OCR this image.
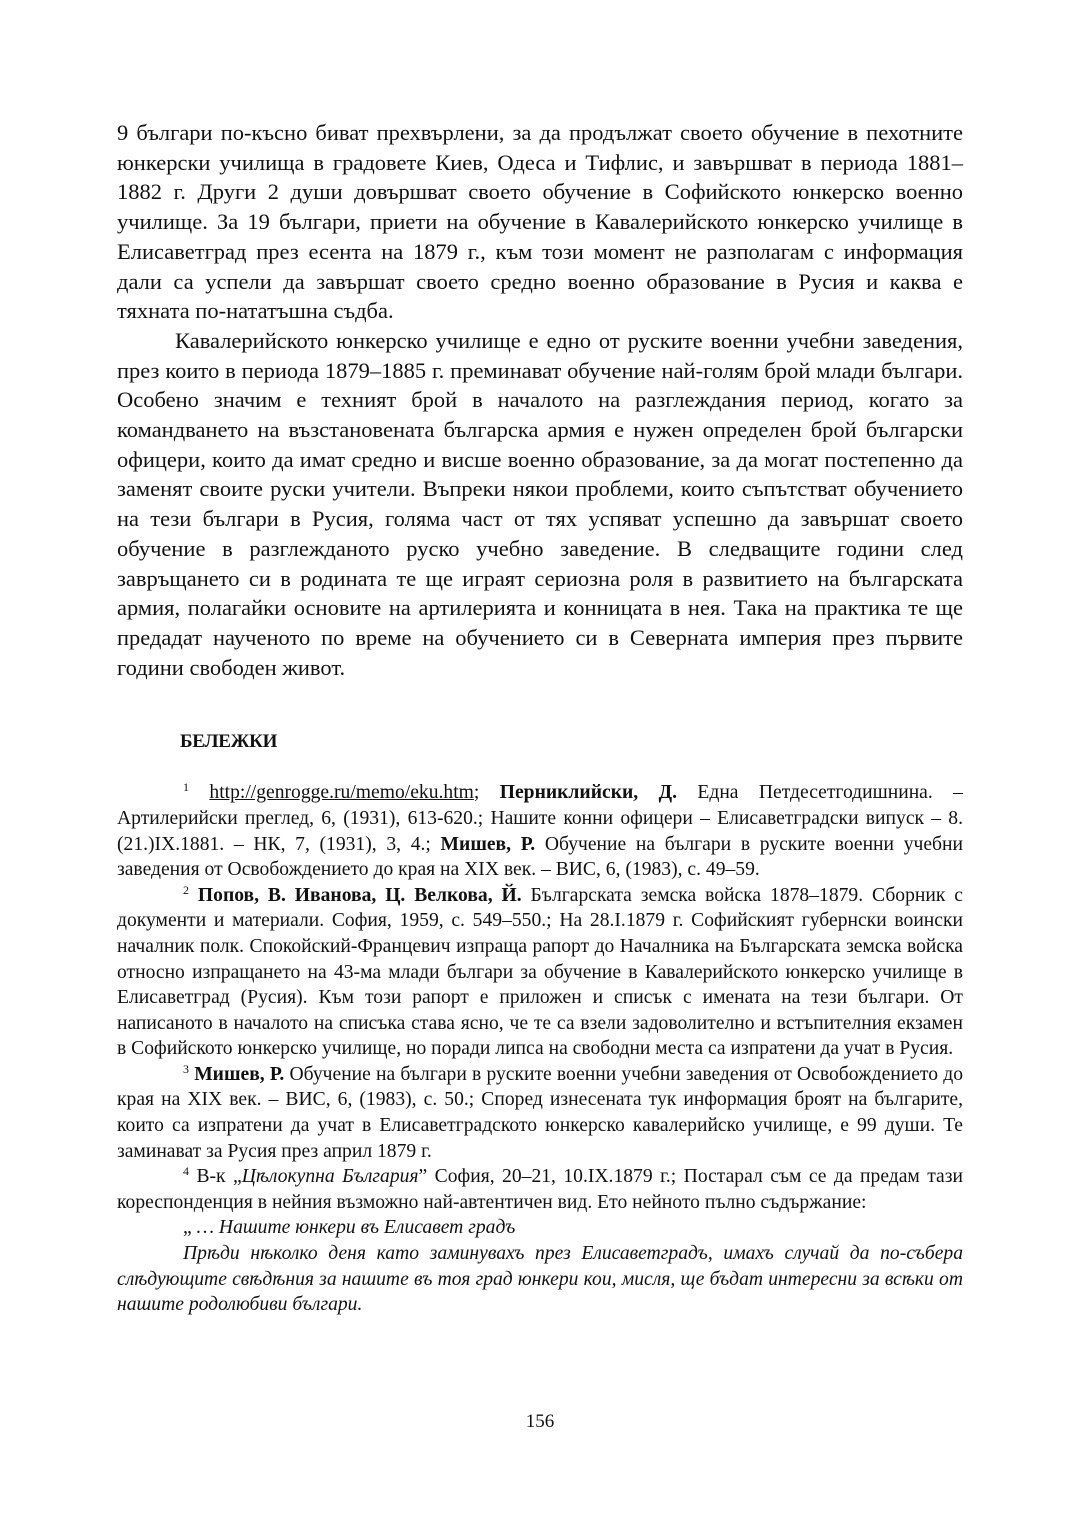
9 българи по-късно биват прехвърлени, за да продължат своето обучение в пехотните юнкерски училища в градовете Киев, Одеса и Тифлис, и завършват в периода 1881–1882 г. Други 2 души довършват своето обучение в Софийското юнкерско военно училище. За 19 българи, приети на обучение в Кавалерийското юнкерско училище в Елисаветград през есента на 1879 г., към този момент не разполагам с информация дали са успели да завършат своето средно военно образование в Русия и каква е тяхната по-нататъшна съдба.

Кавалерийското юнкерско училище е едно от руските военни учебни заведения, през които в периода 1879–1885 г. преминават обучение най-голям брой млади българи. Особено значим е техният брой в началото на разглеждания период, когато за командването на възстановената българска армия е нужен определен брой български офицери, които да имат средно и висше военно образование, за да могат постепенно да заменят своите руски учители. Въпреки някои проблеми, които съпътстват обучението на тези българи в Русия, голяма част от тях успяват успешно да завършат своето обучение в разглежданото руско учебно заведение. В следващите години след завръщането си в родината те ще играят сериозна роля в развитието на българската армия, полагайки основите на артилерията и конницата в нея. Така на практика те ще предадат наученото по време на обучението си в Северната империя през първите години свободен живот.

БЕЛЕЖКИ

$^1$ http://genrogge.ru/memo/eku.htm; Перниклийски, Д. Една Петдесетгодишнина. – Артилерийски преглед, 6, (1931), 613-620.; Нашите конни офицери – Елисаветградски випуск – 8.(21.)IX.1881. – НК, 7, (1931), 3, 4.; Мишев, Р. Обучение на българи в руските военни учебни заведения от Освобождението до края на XIX век. – ВИС, 6, (1983), с. 49–59.

$^2$ Попов, В. Иванова, Ц. Велкова, Й. Българската земска войска 1878–1879. Сборник с документи и материали. София, 1959, с. 549–550.; На 28.I.1879 г. Софийският губернски воински началник полк. Спокойский-Францевич изпраща рапорт до Началника на Българската земска войска относно изпращането на 43-ма млади българи за обучение в Кавалерийското юнкерско училище в Елисаветград (Русия). Към този рапорт е приложен и списък с имената на тези българи. От написаното в началото на списъка става ясно, че те са взели задоволително и встъпителния екзамен в Софийското юнкерско училище, но поради липса на свободни места са изпратени да учат в Русия.

$^3$ Мишев, Р. Обучение на българи в руските военни учебни заведения от Освобождението до края на XIX век. – ВИС, 6, (1983), с. 50.; Според изнесената тук информация броят на българите, които са изпратени да учат в Елисаветградското юнкерско кавалерийско училище, е 99 души. Те заминават за Русия през април 1879 г.

$^4$ В-к „Цѣлокупна България” София, 20–21, 10.IX.1879 г.; Постарал съм се да предам тази кореспонденция в нейния възможно най-автентичен вид. Ето нейното пълно съдържание:

„ … Нашите юнкери въ Елисавет градъ

Прѣди нѣколко деня като заминувахъ през Елисаветградъ, имахъ случай да по-събера слѣдующите свѣдѣния за нашите въ тоя град юнкери кои, мисля, ще бъдат интересни за всѣки от нашите родолюбиви българи.

156
